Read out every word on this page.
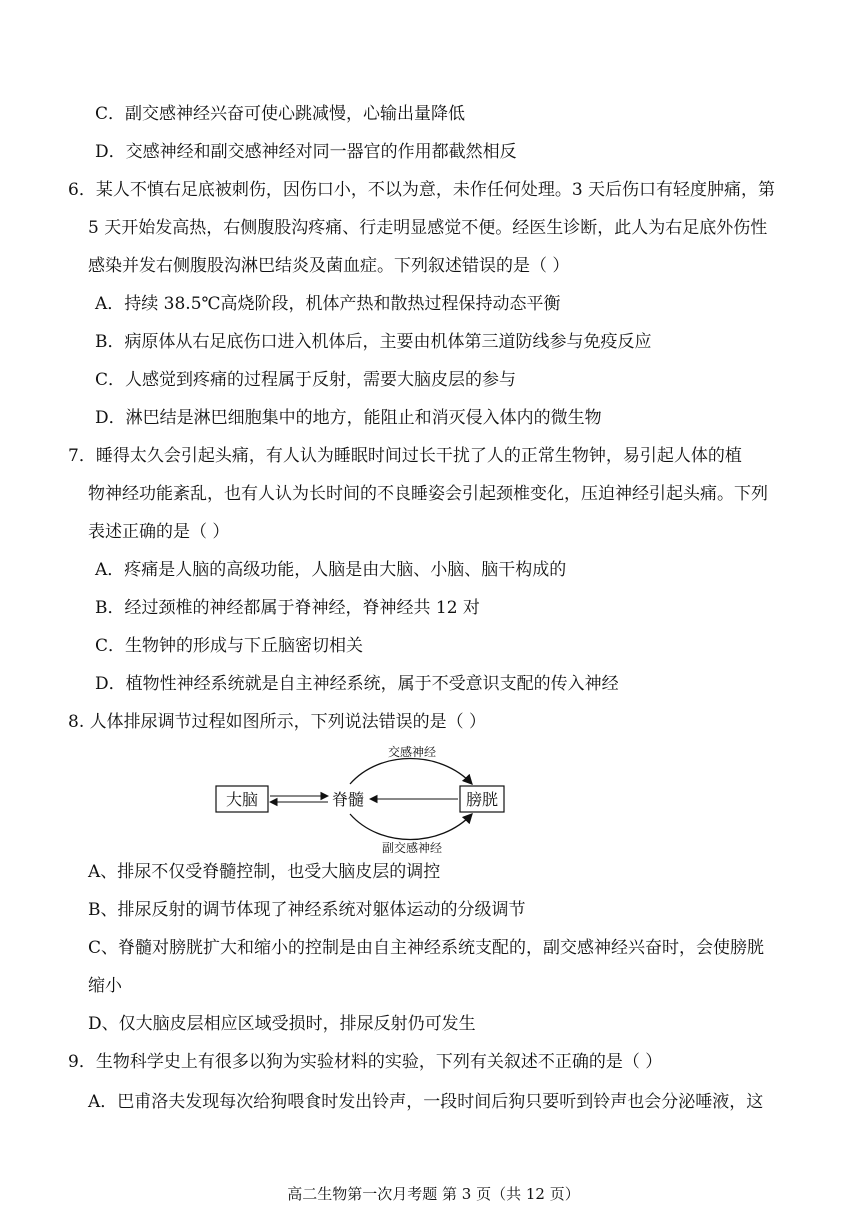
C．副交感神经兴奋可使心跳减慢，心输出量降低
D．交感神经和副交感神经对同一器官的作用都截然相反
6．某人不慎右足底被刺伤，因伤口小，不以为意，未作任何处理。3 天后伤口有轻度肿痛，第
5 天开始发高热，右侧腹股沟疼痛、行走明显感觉不便。经医生诊断，此人为右足底外伤性
感染并发右侧腹股沟淋巴结炎及菌血症。下列叙述错误的是（ ）
A．持续 38.5℃高烧阶段，机体产热和散热过程保持动态平衡
B．病原体从右足底伤口进入机体后，主要由机体第三道防线参与免疫反应
C．人感觉到疼痛的过程属于反射，需要大脑皮层的参与
D．淋巴结是淋巴细胞集中的地方，能阻止和消灭侵入体内的微生物
7．睡得太久会引起头痛，有人认为睡眠时间过长干扰了人的正常生物钟，易引起人体的植
物神经功能紊乱，也有人认为长时间的不良睡姿会引起颈椎变化，压迫神经引起头痛。下列
表述正确的是（ ）
A．疼痛是人脑的高级功能，人脑是由大脑、小脑、脑干构成的
B．经过颈椎的神经都属于脊神经，脊神经共 12 对
C．生物钟的形成与下丘脑密切相关
D．植物性神经系统就是自主神经系统，属于不受意识支配的传入神经
8. 人体排尿调节过程如图所示，下列说法错误的是（ ）
大脑	脊髓	膀胱
交感神经
副交感神经
A、排尿不仅受脊髓控制，也受大脑皮层的调控
B、排尿反射的调节体现了神经系统对躯体运动的分级调节
C、脊髓对膀胱扩大和缩小的控制是由自主神经系统支配的，副交感神经兴奋时，会使膀胱
缩小
D、仅大脑皮层相应区域受损时，排尿反射仍可发生
9．生物科学史上有很多以狗为实验材料的实验，下列有关叙述不正确的是（ ）
A．巴甫洛夫发现每次给狗喂食时发出铃声，一段时间后狗只要听到铃声也会分泌唾液，这
高二生物第一次月考题 第 3 页（共 12 页）
